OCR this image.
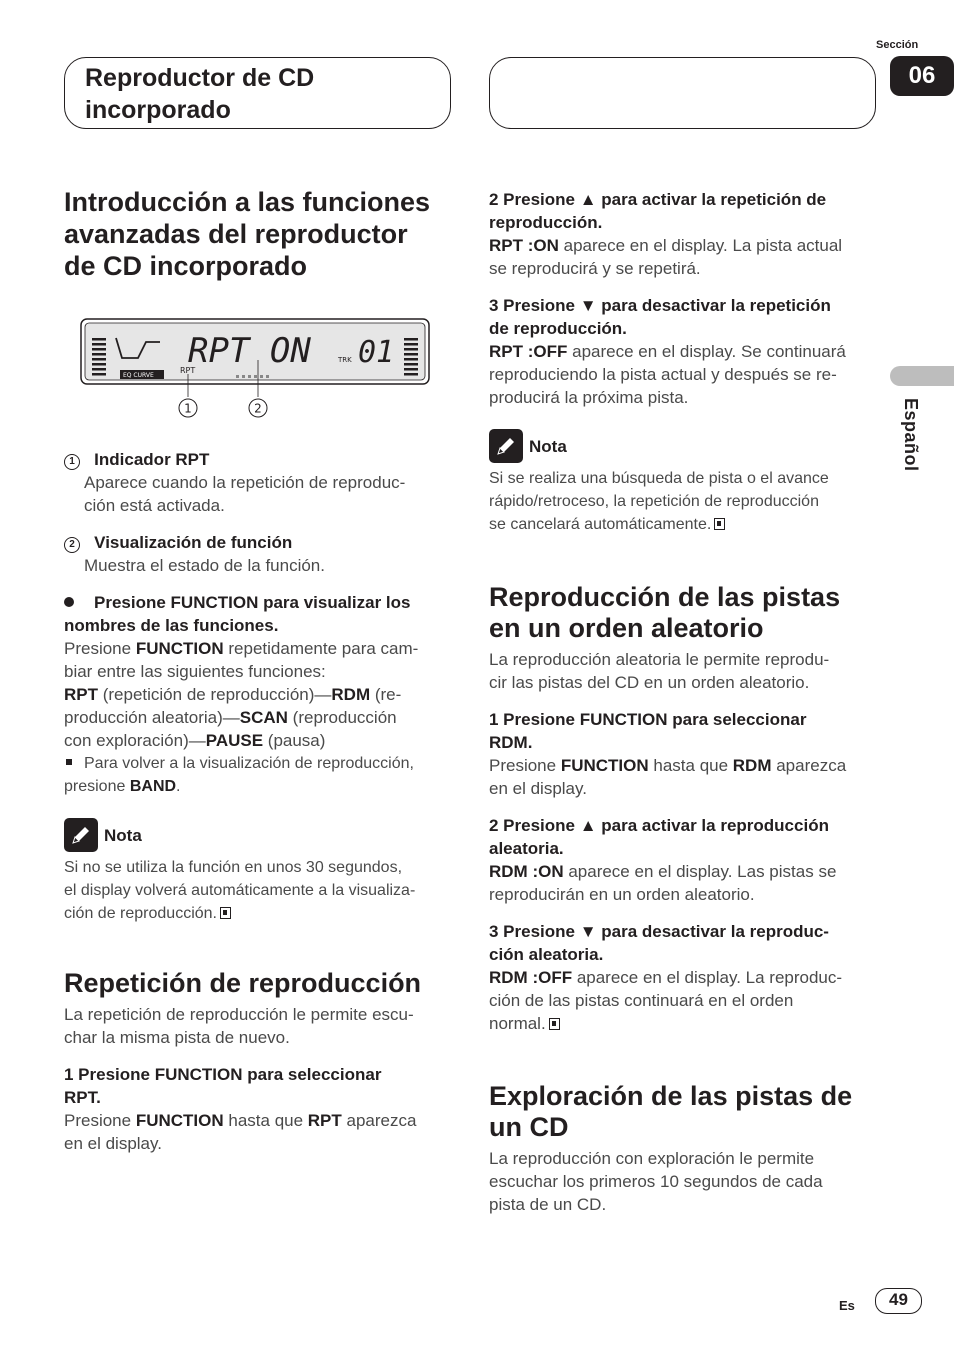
Reproductor de CD
incorporado
Sección
06
Español
Introducción a las funciones
avanzadas del reproductor
de CD incorporado
RPT ON	TRK 01
EQ CURVE
RPT
1	2

1 Indicador RPT

Aparece cuando la repetición de reproduc-
ción está activada.

2 Visualización de función

Muestra el estado de la función.

Presione FUNCTION para visualizar los
nombres de las funciones.

Presione FUNCTION repetidamente para cam-
biar entre las siguientes funciones:
RPT (repetición de reproducción)—RDM (re-
producción aleatoria)—SCAN (reproducción
con exploración)—PAUSE (pausa)

Para volver a la visualización de reproducción,
presione BAND.

Nota

Si no se utiliza la función en unos 30 segundos,
el display volverá automáticamente a la visualiza-
ción de reproducción.

Repetición de reproducción

La repetición de reproducción le permite escu-
char la misma pista de nuevo.

1 Presione FUNCTION para seleccionar
RPT.

Presione FUNCTION hasta que RPT aparezca
en el display.

2 Presione ▲ para activar la repetición de
reproducción.

RPT :ON aparece en el display. La pista actual
se reproducirá y se repetirá.

3 Presione ▼ para desactivar la repetición
de reproducción.

RPT :OFF aparece en el display. Se continuará
reproduciendo la pista actual y después se re-
producirá la próxima pista.

Nota

Si se realiza una búsqueda de pista o el avance
rápido/retroceso, la repetición de reproducción
se cancelará automáticamente.

Reproducción de las pistas
en un orden aleatorio

La reproducción aleatoria le permite reprodu-
cir las pistas del CD en un orden aleatorio.

1 Presione FUNCTION para seleccionar
RDM.

Presione FUNCTION hasta que RDM aparezca
en el display.

2 Presione ▲ para activar la reproducción
aleatoria.

RDM :ON aparece en el display. Las pistas se
reproducirán en un orden aleatorio.

3 Presione ▼ para desactivar la reproduc-
ción aleatoria.

RDM :OFF aparece en el display. La reproduc-
ción de las pistas continuará en el orden
normal.

Exploración de las pistas de
un CD

La reproducción con exploración le permite
escuchar los primeros 10 segundos de cada
pista de un CD.

Es	49
